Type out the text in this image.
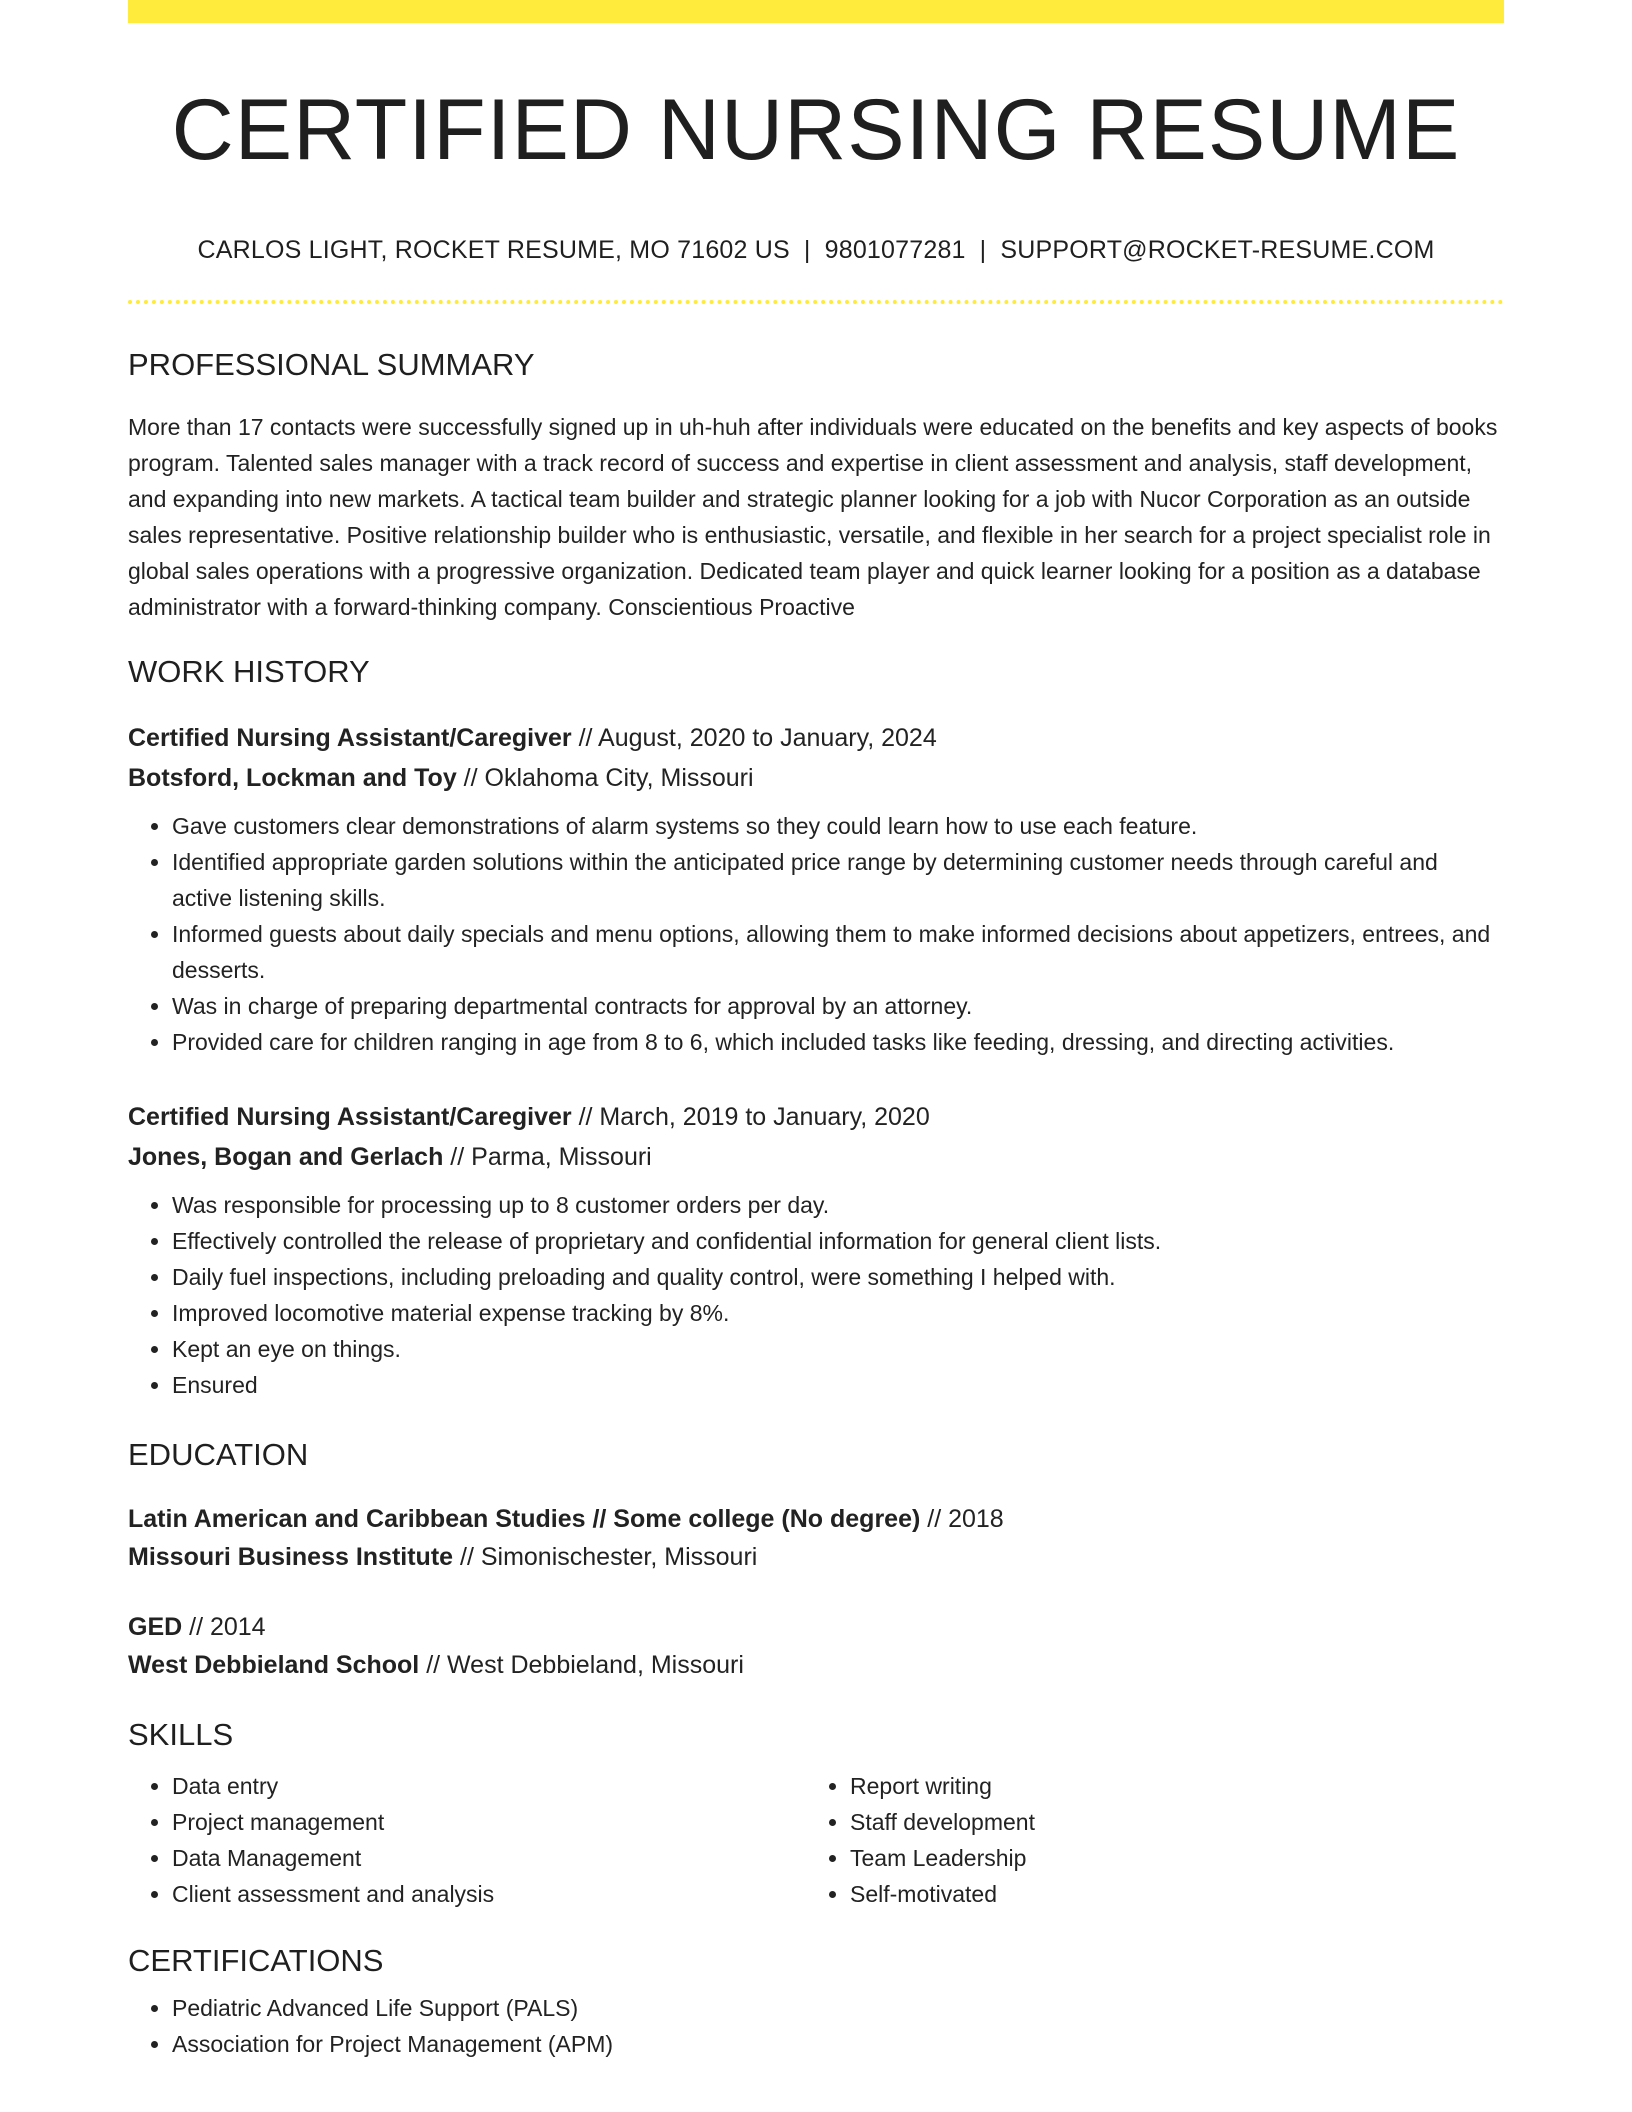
CERTIFIED NURSING RESUME
CARLOS LIGHT, ROCKET RESUME, MO 71602 US | 9801077281 | SUPPORT@ROCKET-RESUME.COM
PROFESSIONAL SUMMARY

More than 17 contacts were successfully signed up in uh-huh after individuals were educated on the benefits and key aspects of books program. Talented sales manager with a track record of success and expertise in client assessment and analysis, staff development, and expanding into new markets. A tactical team builder and strategic planner looking for a job with Nucor Corporation as an outside sales representative. Positive relationship builder who is enthusiastic, versatile, and flexible in her search for a project specialist role in global sales operations with a progressive organization. Dedicated team player and quick learner looking for a position as a database administrator with a forward-thinking company. Conscientious Proactive

WORK HISTORY
Certified Nursing Assistant/Caregiver // August, 2020 to January, 2024
Botsford, Lockman and Toy // Oklahoma City, Missouri
• Gave customers clear demonstrations of alarm systems so they could learn how to use each feature.
• Identified appropriate garden solutions within the anticipated price range by determining customer needs through careful and active listening skills.
• Informed guests about daily specials and menu options, allowing them to make informed decisions about appetizers, entrees, and desserts.
• Was in charge of preparing departmental contracts for approval by an attorney.
• Provided care for children ranging in age from 8 to 6, which included tasks like feeding, dressing, and directing activities.
Certified Nursing Assistant/Caregiver // March, 2019 to January, 2020
Jones, Bogan and Gerlach // Parma, Missouri
• Was responsible for processing up to 8 customer orders per day.
• Effectively controlled the release of proprietary and confidential information for general client lists.
• Daily fuel inspections, including preloading and quality control, were something I helped with.
• Improved locomotive material expense tracking by 8%.
• Kept an eye on things.
• Ensured
EDUCATION
Latin American and Caribbean Studies // Some college (No degree) // 2018
Missouri Business Institute // Simonischester, Missouri
GED // 2014
West Debbieland School // West Debbieland, Missouri
SKILLS
• Data entry
• Project management
• Data Management
• Client assessment and analysis
• Report writing
• Staff development
• Team Leadership
• Self-motivated
CERTIFICATIONS
• Pediatric Advanced Life Support (PALS)
• Association for Project Management (APM)
